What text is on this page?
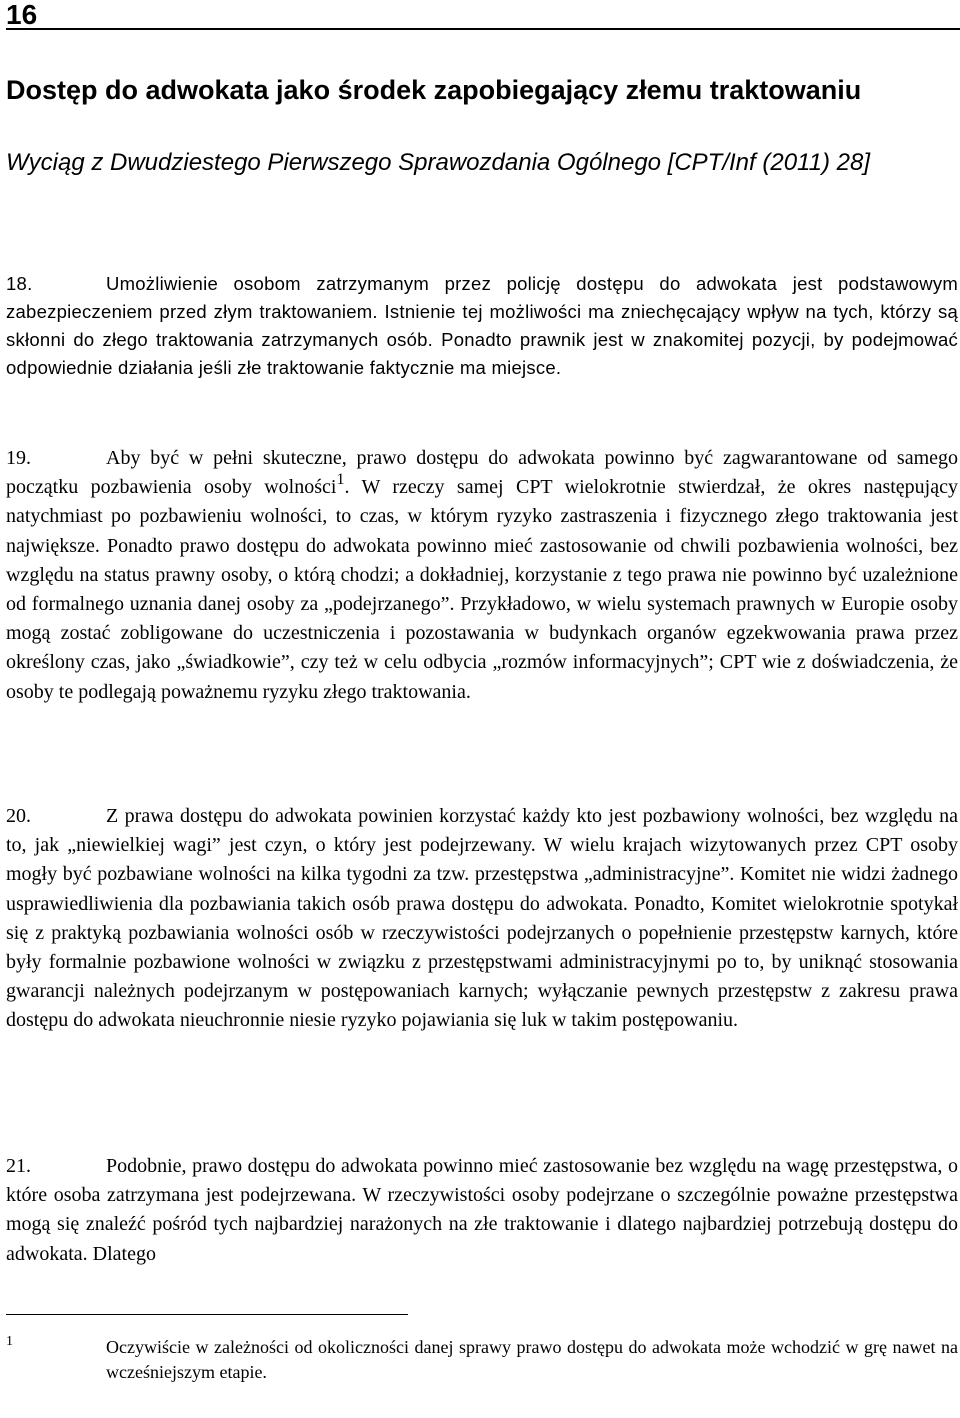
16
Dostęp do adwokata jako środek zapobiegający złemu traktowaniu

Wyciąg z Dwudziestego Pierwszego Sprawozdania Ogólnego [CPT/Inf (2011) 28]

18.	Umożliwienie osobom zatrzymanym przez policję dostępu do adwokata jest podstawowym zabezpieczeniem przed złym traktowaniem. Istnienie tej możliwości ma zniechęcający wpływ na tych, którzy są skłonni do złego traktowania zatrzymanych osób. Ponadto prawnik jest w znakomitej pozycji, by podejmować odpowiednie działania jeśli złe traktowanie faktycznie ma miejsce.

19.	Aby być w pełni skuteczne, prawo dostępu do adwokata powinno być zagwarantowane od samego początku pozbawienia osoby wolności$^1$. W rzeczy samej CPT wielokrotnie stwierdzał, że okres następujący natychmiast po pozbawieniu wolności, to czas, w którym ryzyko zastraszenia i fizycznego złego traktowania jest największe. Ponadto prawo dostępu do adwokata powinno mieć zastosowanie od chwili pozbawienia wolności, bez względu na status prawny osoby, o którą chodzi; a dokładniej, korzystanie z tego prawa nie powinno być uzależnione od formalnego uznania danej osoby za „podejrzanego”. Przykładowo, w wielu systemach prawnych w Europie osoby mogą zostać zobligowane do uczestniczenia i pozostawania w budynkach organów egzekwowania prawa przez określony czas, jako „świadkowie”, czy też w celu odbycia „rozmów informacyjnych”; CPT wie z doświadczenia, że osoby te podlegają poważnemu ryzyku złego traktowania.

20.	Z prawa dostępu do adwokata powinien korzystać każdy kto jest pozbawiony wolności, bez względu na to, jak „niewielkiej wagi” jest czyn, o który jest podejrzewany. W wielu krajach wizytowanych przez CPT osoby mogły być pozbawiane wolności na kilka tygodni za tzw. przestępstwa „administracyjne”. Komitet nie widzi żadnego usprawiedliwienia dla pozbawiania takich osób prawa dostępu do adwokata. Ponadto, Komitet wielokrotnie spotykał się z praktyką pozbawiania wolności osób w rzeczywistości podejrzanych o popełnienie przestępstw karnych, które były formalnie pozbawione wolności w związku z przestępstwami administracyjnymi po to, by uniknąć stosowania gwarancji należnych podejrzanym w postępowaniach karnych; wyłączanie pewnych przestępstw z zakresu prawa dostępu do adwokata nieuchronnie niesie ryzyko pojawiania się luk w takim postępowaniu.

21.	Podobnie, prawo dostępu do adwokata powinno mieć zastosowanie bez względu na wagę przestępstwa, o które osoba zatrzymana jest podejrzewana. W rzeczywistości osoby podejrzane o szczególnie poważne przestępstwa mogą się znaleźć pośród tych najbardziej narażonych na złe traktowanie i dlatego najbardziej potrzebują dostępu do adwokata. Dlatego

1	Oczywiście w zależności od okoliczności danej sprawy prawo dostępu do adwokata może wchodzić w grę nawet na wcześniejszym etapie.
